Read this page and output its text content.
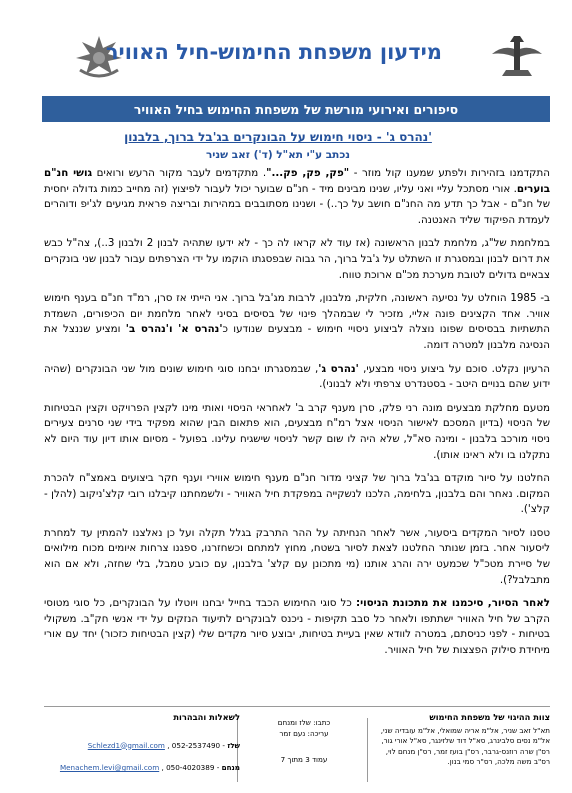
מידעון משפחת החימוש-חיל האוויר
סיפורים ואירועי מורשת של משפחת החימוש בחיל האוויר
'נהרס ג' - ניסוי חימוש על הבונקרים בג'בל ברוך, בלבנון
נכתב ע"י תא"ל (ד') זאב שניר

התקדמנו בזהירות ולפתע שמענו קול מוזר - "פק, פק, פק...". מתקדמים לעבר מקור הרעש ורואים גושי חנ"ם בוערים. אורי מסתכל עליי ואני עליו, שנינו מבינים מיד - חנ"ם שבוער יכול לעבור לפיצוץ (זה מחייב כמות גדולה יחסית של חנ"ם - אבל כך תדע מה החנ"ם חושב על כך..) - ושנינו מסתובבים במהירות ובריצה פראית מגיעים לג'יפ ודוהרים לעמדת הפיקוד שליד האנטנה.

במלחמת של"ג, מלחמת לבנון הראשונה (אז עוד לא קראו לה כך - לא ידעו שתהיה לבנון 2 ולבנון 3..), צה"ל כבש את דרום לבנון ובמסגרת זו השתלט על ג'בל ברוך, הר גבוה שבפסגתו הוקמו על ידי הצרפתים עבור לבנון שני בונקרים צבאיים גדולים לטובת מערכת מכ"ם ארוכת טווח.

ב- 1985 הוחלט על נסיעה ראשונה, חלקית, מלבנון, לרבות מג'בל ברוך. אני הייתי אז סרן, רמ"ד חנ"ם בענף חימוש אוויר. אחד הקצינים פונה אליי, מזכיר לי שבמהלך פינוי של בסיסים בסיני לאחר מלחמת יום הכיפורים, השמדת התשתיות בבסיסים שפונו נוצלה לביצוע ניסויי חימוש - מבצעים שנודעו כ'נהרס א' ו'נהרס ב' ומציע שננצל את הנסיגה מלבנון למטרה דומה.

הרעיון נקלט. סוכם על ביצוע ניסוי מבצעי, 'נהרס ג', שבמסגרתו יבחנו סוגי חימוש שונים מול שני הבונקרים (שהיה ידוע שהם בנויים היטב - בסטנדרט צרפתי ולא לבנוני).

מטעם מחלקת מבצעים מונה רני פלק, סרן מענף קרב ב' לאחראי הניסוי ואותי מינו לקצין הפרויקט וקצין הבטיחות של הניסוי (בדיון המסכם לאישור הניסוי אצל רמ"ח מבצעים, הוא פתאום הבין שהוא מפקיד בידי שני סרנים צעירים ניסוי מורכב בלבנון - ומינה סא"ל, שלא היה לו שום קשר לניסוי שישגיח עלינו. בפועל - מסיום אותו דיון עוד היום לא נתקלנו בו ולא ראינו אותו).

החלטנו על סיור מוקדם בג'בל ברוך של קציני מדור חנ"ם מענף חימוש אווירי וענף חקר ביצועים באמצ"ח להכרת המקום. נאחר והם בלבנון, בלחימה, הלכנו לנשקייה במפקדת חיל האוויר - ולשמחתנו קיבלנו רובי קלצ'ניקוב (להלן - קלצ').

טסנו לסיור המקדים ביסעור, אשר לאחר הנחיתה על ההר התרבק בגלל תקלה ועל כן נאלצנו להמתין עד למחרת ליסעור אחר. בזמן שנותר החלטנו לצאת לסיור בשטח, מחוץ למתחם וכשחזרנו, ספגנו צרחות איומים מכוח מילואים של סיירת מטכ"ל שכמעט ירה והרג אותנו (מי מתכונן עם קלצ' בלבנון, עם כובע טמבל, בלי שחזה, ולא אם הוא מתבלבל?).

לאחר הסיור, סיכמנו את מתכונת הניסוי: כל סוגי החימוש הכבד בחייל יבחנו ויוטלו על הבונקרים, כל סוגי מטוסי הקרב של חיל האוויר ישתתפו ולאחר כל סבב תקיפות - ניכנס לבונקרים לתיעוד הנזקים על ידי אנשי חק"ב. משקולי בטיחות - לפני כניסתם, במטרה לוודא שאין בעיית בטיחות, יבוצע סיור מקדים שלי (קצין הבטיחות כזכור) יחד עם אורי מיחידת סילוק הפצצות של חיל האוויר.

צוות ההיגוי של משפחת החימוש
תא"ל זאב שניר, אל"מ אריה שמואלי, אל"מ עובדיה שני,
אל"מ נסים סלבינרג, סא"ל דוד שלזינגר, סא"ל אורי גור,
רס"ן שרה רוזנס-גרבר, רס"ן בועז זמר, רס"ן מנחם לוי,
רס"ב משה מלכה, רס"ר סמי בנון.
כתבו: שלז ומנחם
עריכה: נעם זמר
עמוד 3 מתוך 7
לשאלות והבהרות
שלז - 052-2537490 , Schlezd1@gmail.com
מנחם - 050-4020389 , Menachem.levi@gmail.com
